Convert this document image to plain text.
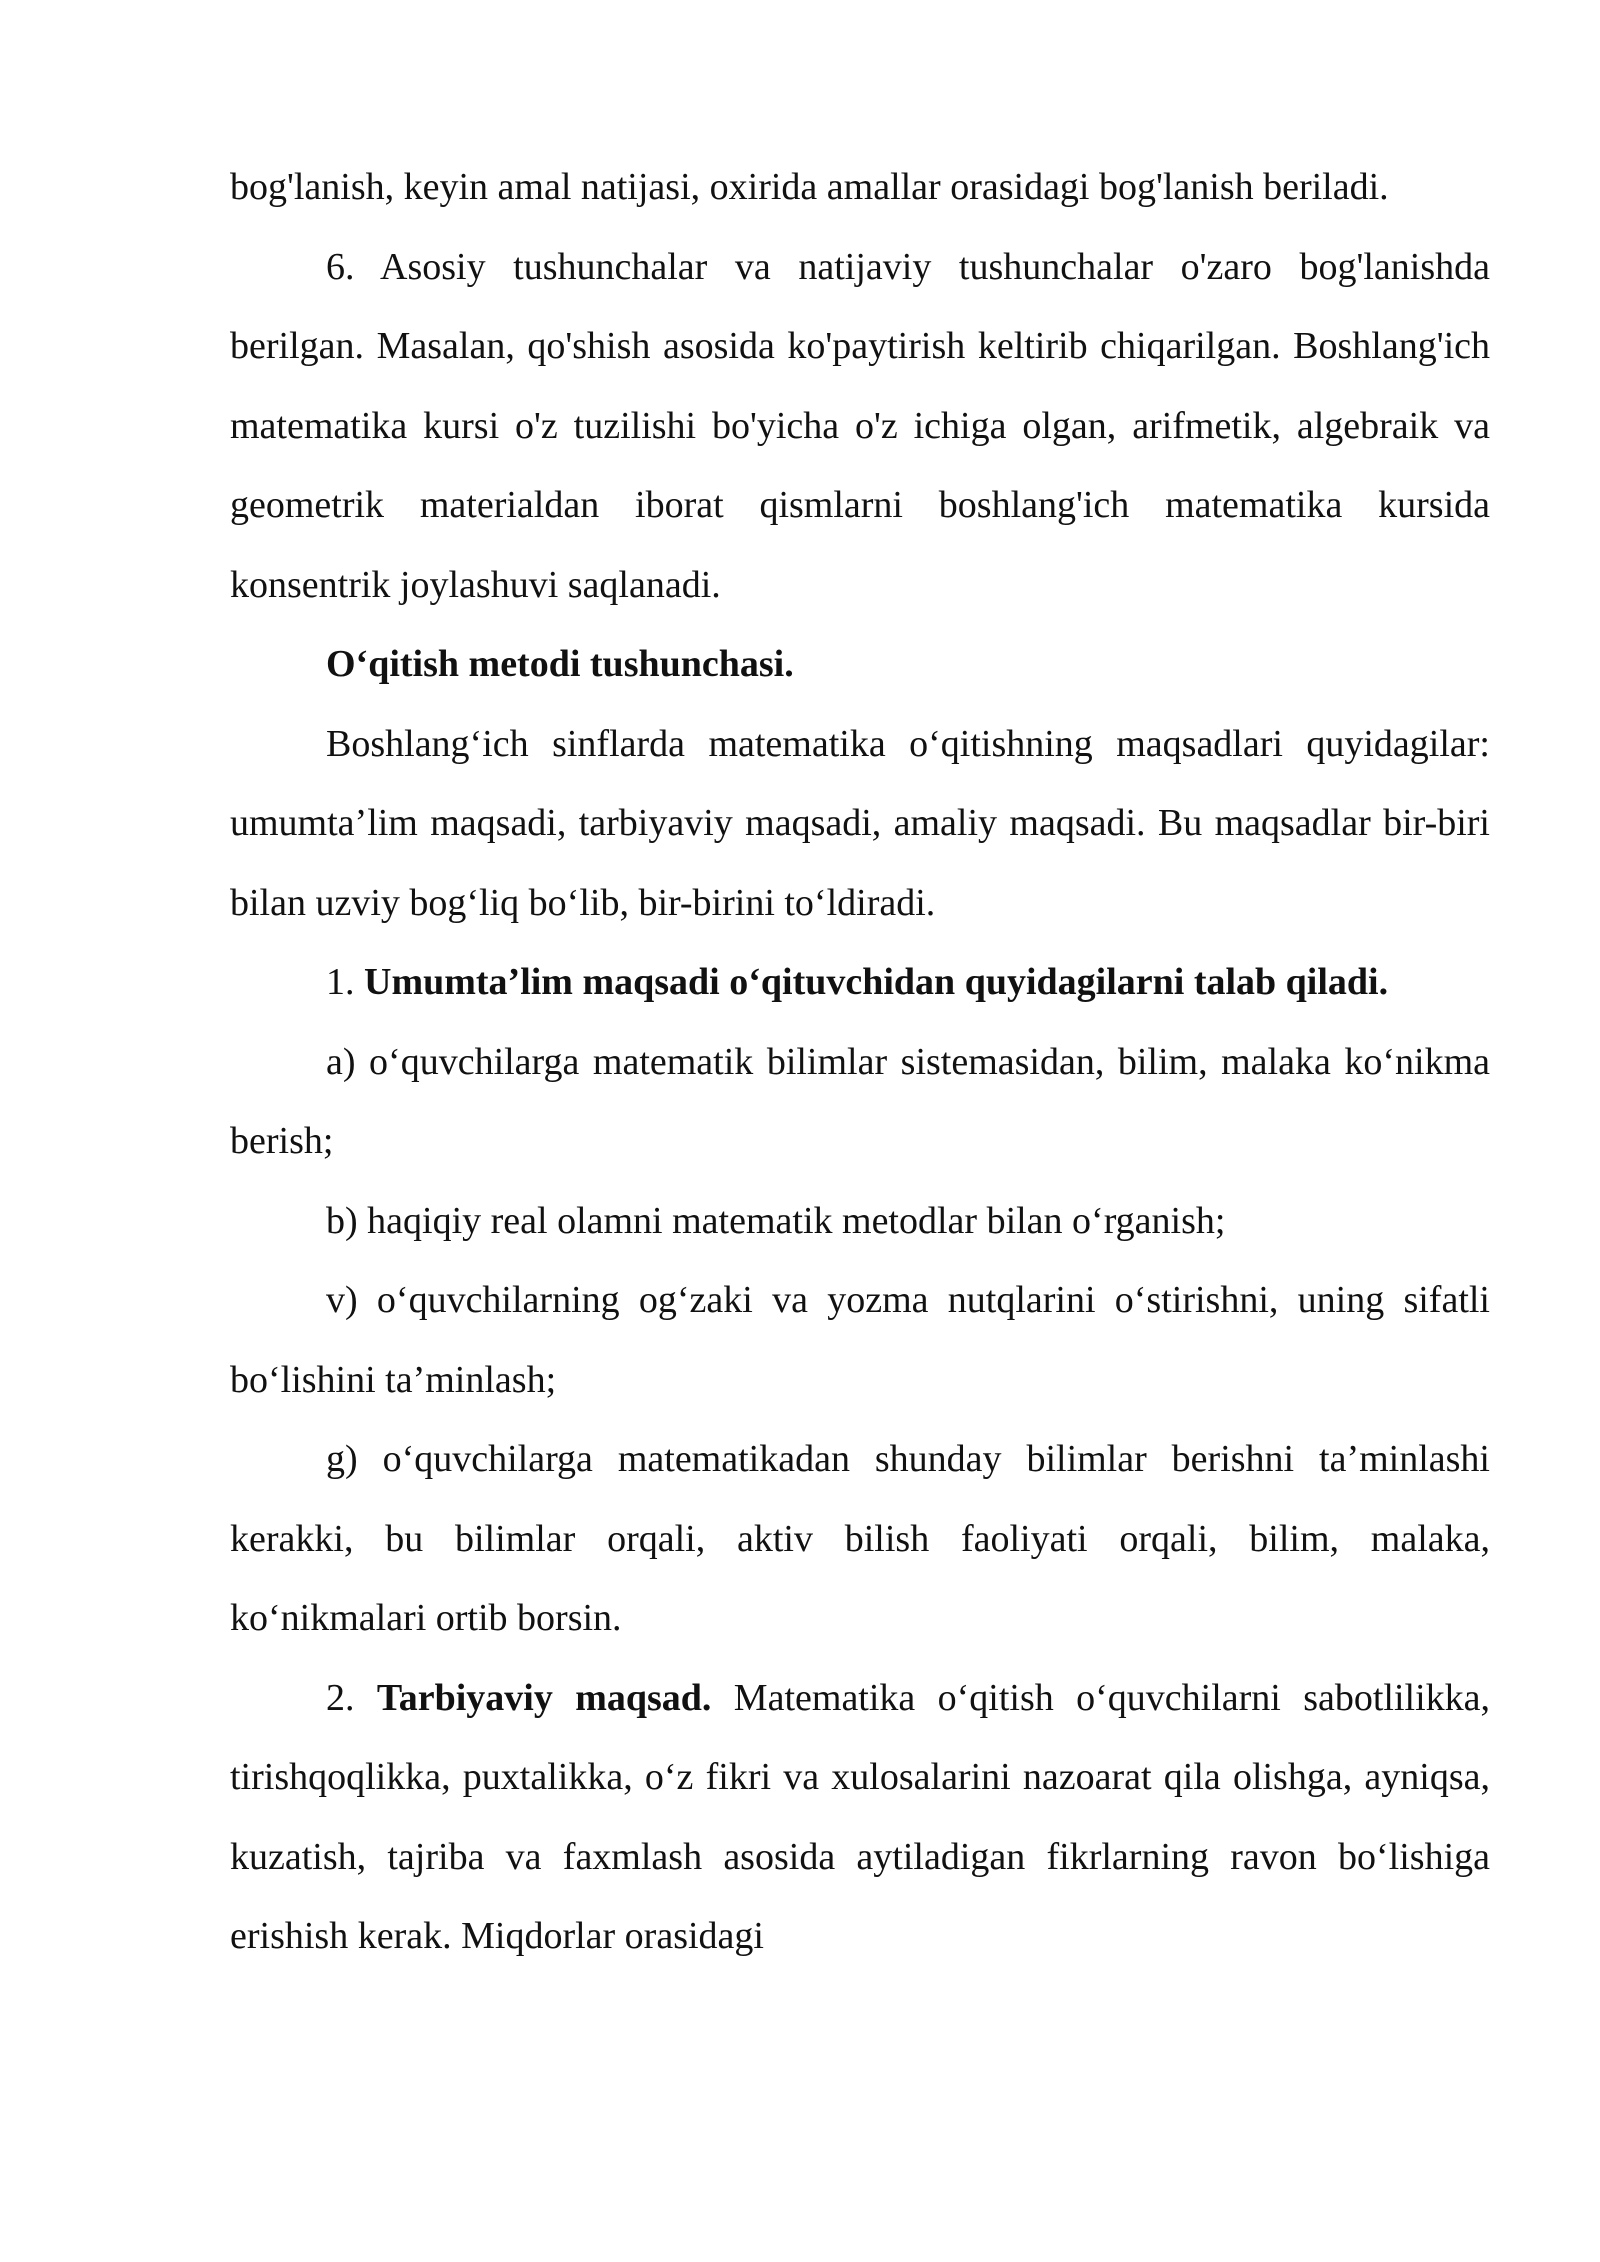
bog'lanish, keyin amal natijasi, oxirida amallar orasidagi bog'lanish beriladi.

6. Asosiy tushunchalar va natijaviy tushunchalar o'zaro bog'lanishda berilgan. Masalan, qo'shish asosida ko'paytirish keltirib chiqarilgan. Boshlang'ich matematika kursi o'z tuzilishi bo'yicha o'z ichiga olgan, arifmetik, algebraik va geometrik materialdan iborat qismlarni boshlang'ich matematika kursida konsentrik joylashuvi saqlanadi.

O‘qitish metodi tushunchasi.

Boshlang‘ich sinflarda matematika o‘qitishning maqsadlari quyidagilar: umumta’lim maqsadi, tarbiyaviy maqsadi, amaliy maqsadi. Bu maqsadlar bir-biri bilan uzviy bog‘liq bo‘lib, bir-birini to‘ldiradi.

1. Umumta’lim maqsadi o‘qituvchidan quyidagilarni talab qiladi.

a) o‘quvchilarga matematik bilimlar sistemasidan, bilim, malaka ko‘nikma berish;

b) haqiqiy real olamni matematik metodlar bilan o‘rganish;

v) o‘quvchilarning og‘zaki va yozma nutqlarini o‘stirishni, uning sifatli bo‘lishini ta’minlash;

g) o‘quvchilarga matematikadan shunday bilimlar berishni ta’minlashi kerakki, bu bilimlar orqali, aktiv bilish faoliyati orqali, bilim, malaka, ko‘nikmalari ortib borsin.

2. Tarbiyaviy maqsad. Matematika o‘qitish o‘quvchilarni sabotlilikka, tirishqoqlikka, puxtalikka, o‘z fikri va xulosalarini nazoarat qila olishga, ayniqsa, kuzatish, tajriba va faxmlash asosida aytiladigan fikrlarning ravon bo‘lishiga erishish kerak. Miqdorlar orasidagi
